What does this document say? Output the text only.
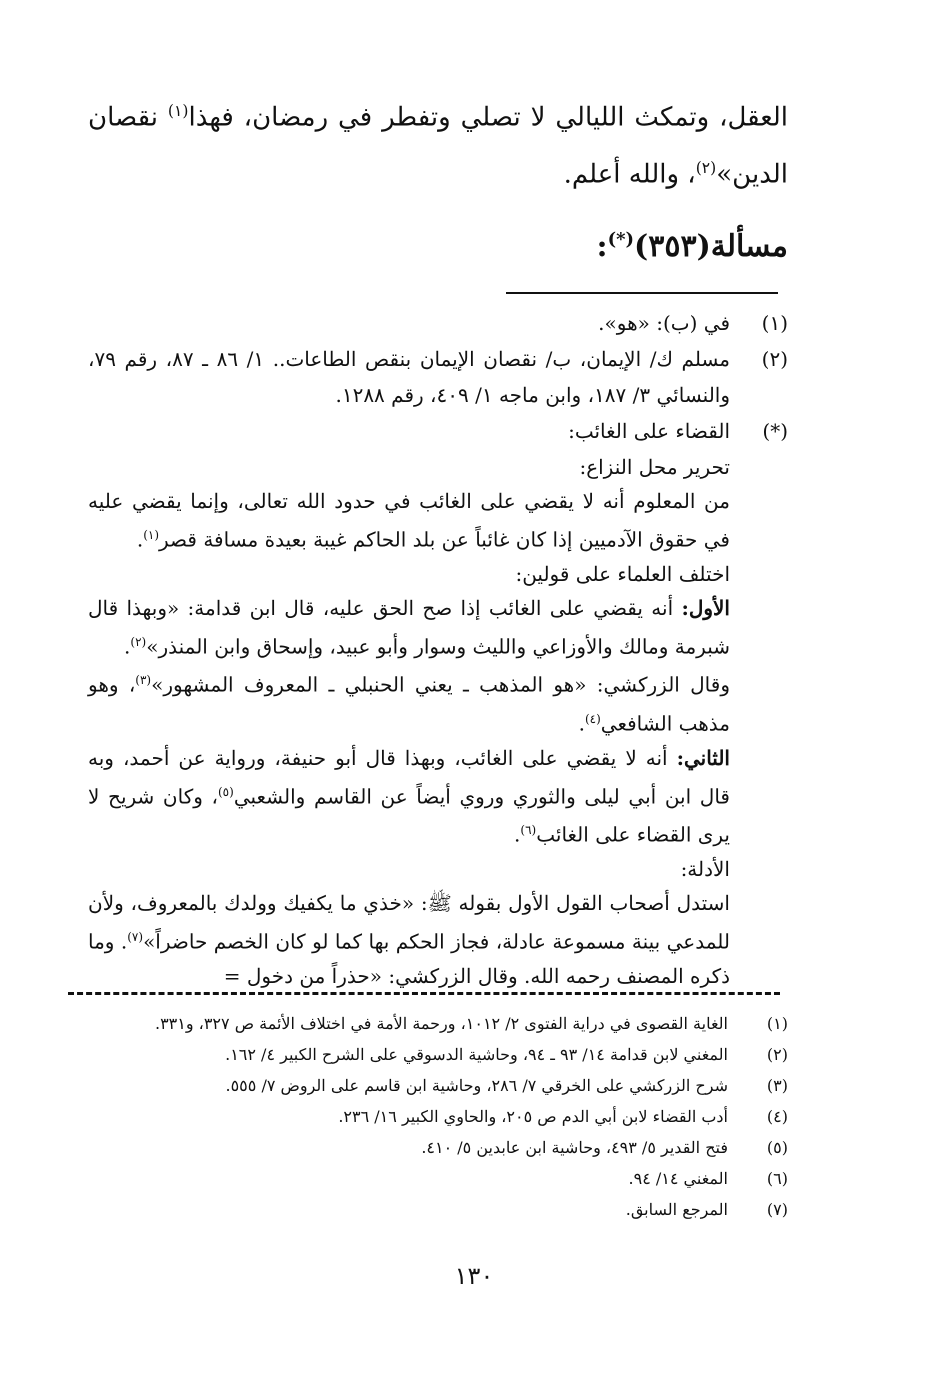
العقل، وتمكث الليالي لا تصلي وتفطر في رمضان، فهذا$^{(١)}$ نقصان الدين»$^{(٢)}$، والله أعلم.
مسألة(٣٥٣)(*):
(١)
في (ب): «هو».
(٢)
مسلم ك/ الإيمان، ب/ نقصان الإيمان بنقص الطاعات.. ١/ ٨٦ ـ ٨٧، رقم ٧٩، والنسائي ٣/ ١٨٧، وابن ماجه ١/ ٤٠٩، رقم ١٢٨٨.
(*)
القضاء على الغائب:

تحرير محل النزاع:

من المعلوم أنه لا يقضي على الغائب في حدود الله تعالى، وإنما يقضي عليه في حقوق الآدميين إذا كان غائباً عن بلد الحاكم غيبة بعيدة مسافة قصر$^{(١)}$.

اختلف العلماء على قولين:

الأول: أنه يقضي على الغائب إذا صح الحق عليه، قال ابن قدامة: «وبهذا قال شبرمة ومالك والأوزاعي والليث وسوار وأبو عبيد، وإسحاق وابن المنذر»$^{(٢)}$.

وقال الزركشي: «هو المذهب ـ يعني الحنبلي ـ المعروف المشهور»$^{(٣)}$، وهو مذهب الشافعي$^{(٤)}$.

الثاني: أنه لا يقضي على الغائب، وبهذا قال أبو حنيفة، ورواية عن أحمد، وبه قال ابن أبي ليلى والثوري وروي أيضاً عن القاسم والشعبي$^{(٥)}$، وكان شريح لا يرى القضاء على الغائب$^{(٦)}$.

الأدلة:

استدل أصحاب القول الأول بقوله ﷺ: «خذي ما يكفيك وولدك بالمعروف، ولأن للمدعي بينة مسموعة عادلة، فجاز الحكم بها كما لو كان الخصم حاضراً»$^{(٧)}$. وما ذكره المصنف رحمه الله. وقال الزركشي: «حذراً من دخول =

(١)
الغاية القصوى في دراية الفتوى ٢/ ١٠١٢، ورحمة الأمة في اختلاف الأئمة ص ٣٢٧، و٣٣١.
(٢)
المغني لابن قدامة ١٤/ ٩٣ ـ ٩٤، وحاشية الدسوقي على الشرح الكبير ٤/ ١٦٢.
(٣)
شرح الزركشي على الخرقي ٧/ ٢٨٦، وحاشية ابن قاسم على الروض ٧/ ٥٥٥.
(٤)
أدب القضاء لابن أبي الدم ص ٢٠٥، والحاوي الكبير ١٦/ ٢٣٦.
(٥)
فتح القدير ٥/ ٤٩٣، وحاشية ابن عابدين ٥/ ٤١٠.
(٦)
المغني ١٤/ ٩٤.
(٧)
المرجع السابق.
١٣٠
